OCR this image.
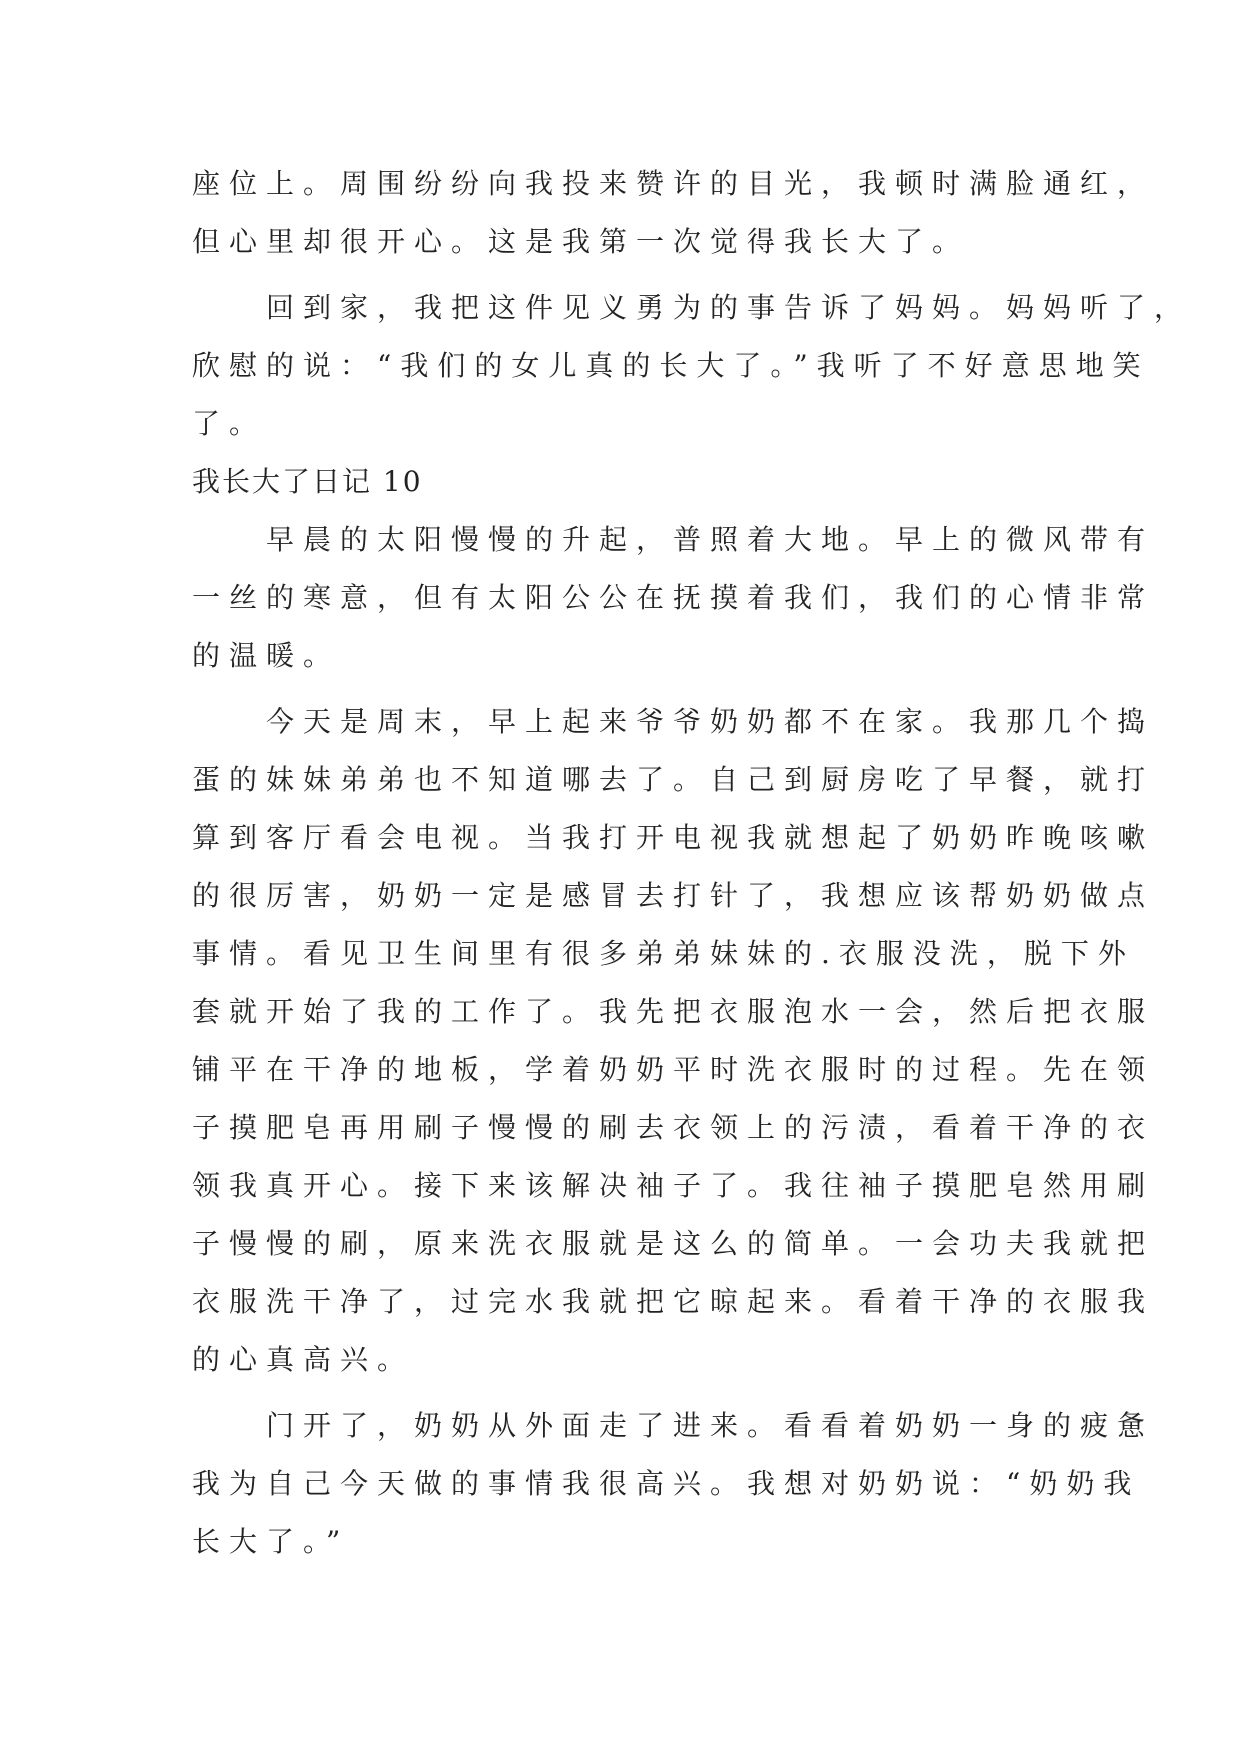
座位上。周围纷纷向我投来赞许的目光，我顿时满脸通红，
但心里却很开心。这是我第一次觉得我长大了。
　　回到家，我把这件见义勇为的事告诉了妈妈。妈妈听了，
欣慰的说：“我们的女儿真的长大了。”我听了不好意思地笑
了。
我长大了日记 10
　　早晨的太阳慢慢的升起，普照着大地。早上的微风带有
一丝的寒意，但有太阳公公在抚摸着我们，我们的心情非常
的温暖。
　　今天是周末，早上起来爷爷奶奶都不在家。我那几个捣
蛋的妹妹弟弟也不知道哪去了。自己到厨房吃了早餐，就打
算到客厅看会电视。当我打开电视我就想起了奶奶昨晚咳嗽
的很厉害，奶奶一定是感冒去打针了，我想应该帮奶奶做点
事情。看见卫生间里有很多弟弟妹妹的.衣服没洗，脱下外
套就开始了我的工作了。我先把衣服泡水一会，然后把衣服
铺平在干净的地板，学着奶奶平时洗衣服时的过程。先在领
子摸肥皂再用刷子慢慢的刷去衣领上的污渍，看着干净的衣
领我真开心。接下来该解决袖子了。我往袖子摸肥皂然用刷
子慢慢的刷，原来洗衣服就是这么的简单。一会功夫我就把
衣服洗干净了，过完水我就把它晾起来。看着干净的衣服我
的心真高兴。
　　门开了，奶奶从外面走了进来。看看着奶奶一身的疲惫
我为自己今天做的事情我很高兴。我想对奶奶说：“奶奶我
长大了。”
